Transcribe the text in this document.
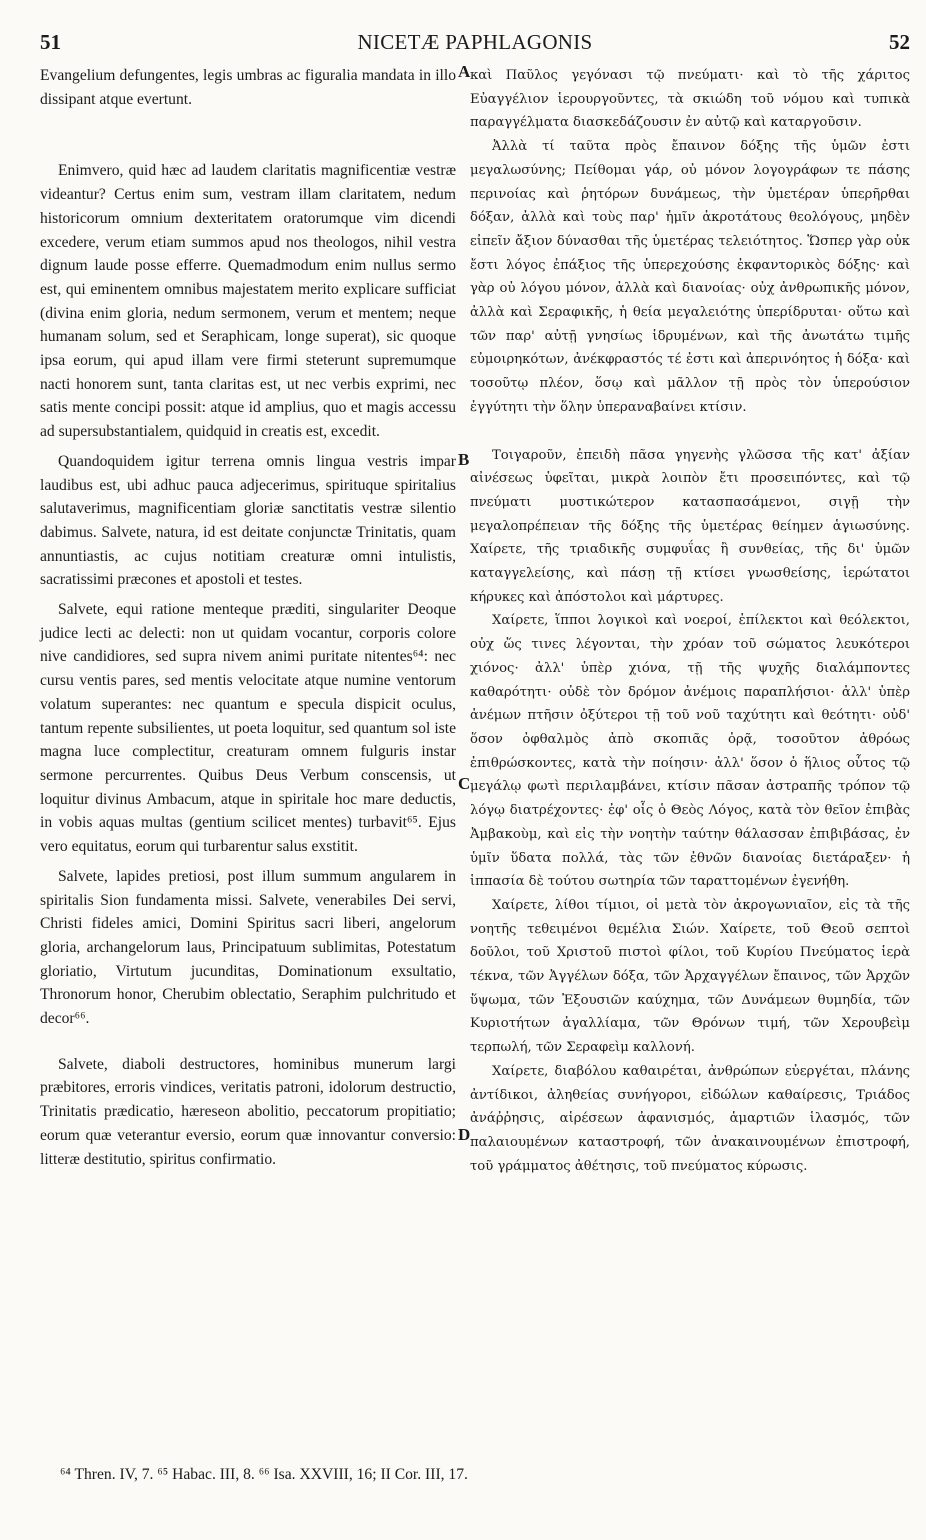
51	NICETÆ PAPHLAGONIS	52

Evangelium defungentes, legis umbras ac figuralia mandata in illo dissipant atque evertunt.

Enimvero, quid hæc ad laudem claritatis magnificentiæ vestræ videantur? Certus enim sum, vestram illam claritatem, nedum historicorum omnium dexteritatem oratorumque vim dicendi excedere, verum etiam summos apud nos theologos, nihil vestra dignum laude posse efferre. Quemadmodum enim nullus sermo est, qui eminentem omnibus majestatem merito explicare sufficiat (divina enim gloria, nedum sermonem, verum et mentem; neque humanam solum, sed et Seraphicam, longe superat), sic quoque ipsa eorum, qui apud illam vere firmi steterunt supremumque nacti honorem sunt, tanta claritas est, ut nec verbis exprimi, nec satis mente concipi possit: atque id amplius, quo et magis accessu ad supersubstantialem, quidquid in creatis est, excedit.

Quandoquidem igitur terrena omnis lingua vestris impar laudibus est, ubi adhuc pauca adjecerimus, spirituque spiritalius salutaverimus, magnificentiam gloriæ sanctitatis vestræ silentio dabimus. Salvete, natura, id est deitate conjunctæ Trinitatis, quam annuntiastis, ac cujus notitiam creaturæ omni intulistis, sacratissimi præcones et apostoli et testes.

Salvete, equi ratione menteque præditi, singulariter Deoque judice lecti ac delecti: non ut quidam vocantur, corporis colore nive candidiores, sed supra nivem animi puritate nitentes⁶⁴: nec cursu ventis pares, sed mentis velocitate atque numine ventorum volatum superantes: nec quantum e specula dispicit oculus, tantum repente subsilientes, ut poeta loquitur, sed quantum sol iste magna luce complectitur, creaturam omnem fulguris instar sermone percurrentes. Quibus Deus Verbum conscensis, ut loquitur divinus Ambacum, atque in spiritale hoc mare deductis, in vobis aquas multas (gentium scilicet mentes) turbavit⁶⁵. Ejus vero equitatus, eorum qui turbarentur salus exstitit.

Salvete, lapides pretiosi, post illum summum angularem in spiritalis Sion fundamenta missi. Salvete, venerabiles Dei servi, Christi fideles amici, Domini Spiritus sacri liberi, angelorum gloria, archangelorum laus, Principatuum sublimitas, Potestatum gloriatio, Virtutum jucunditas, Dominationum exsultatio, Thronorum honor, Cherubim oblectatio, Seraphim pulchritudo et decor⁶⁶.

Salvete, diaboli destructores, hominibus munerum largi præbitores, erroris vindices, veritatis patroni, idolorum destructio, Trinitatis prædicatio, hæreseon abolitio, peccatorum propitiatio; eorum quæ veterantur eversio, eorum quæ innovantur conversio: litteræ destitutio, spiritus confirmatio.

A
B
C
D

καὶ Παῦλος γεγόνασι τῷ πνεύματι· καὶ τὸ τῆς χάριτος Εὐαγγέλιον ἱερουργοῦντες, τὰ σκιώδη τοῦ νόμου καὶ τυπικὰ παραγγέλματα διασκεδάζουσιν ἐν αὐτῷ καὶ καταργοῦσιν.

Ἀλλὰ τί ταῦτα πρὸς ἔπαινον δόξης τῆς ὑμῶν ἐστι μεγαλωσύνης; Πείθομαι γάρ, οὐ μόνον λογογράφων τε πάσης περινοίας καὶ ῥητόρων δυνάμεως, τὴν ὑμετέραν ὑπερῆρθαι δόξαν, ἀλλὰ καὶ τοὺς παρ' ἡμῖν ἀκροτάτους θεολόγους, μηδὲν εἰπεῖν ἄξιον δύνασθαι τῆς ὑμετέρας τελειότητος. Ὥσπερ γὰρ οὐκ ἔστι λόγος ἐπάξιος τῆς ὑπερεχούσης ἐκφαντορικὸς δόξης· καὶ γὰρ οὐ λόγου μόνον, ἀλλὰ καὶ διανοίας· οὐχ ἀνθρωπικῆς μόνον, ἀλλὰ καὶ Σεραφικῆς, ἡ θεία μεγαλειότης ὑπερίδρυται· οὕτω καὶ τῶν παρ' αὐτῇ γνησίως ἱδρυμένων, καὶ τῆς ἀνωτάτω τιμῆς εὐμοιρηκότων, ἀνέκφραστός τέ ἐστι καὶ ἀπερινόητος ἡ δόξα· καὶ τοσοῦτῳ πλέον, ὅσῳ καὶ μᾶλλον τῇ πρὸς τὸν ὑπερούσιον ἐγγύτητι τὴν ὅλην ὑπεραναβαίνει κτίσιν.

Τοιγαροῦν, ἐπειδὴ πᾶσα γηγενὴς γλῶσσα τῆς κατ' ἀξίαν αἰνέσεως ὑφεῖται, μικρὰ λοιπὸν ἔτι προσειπόντες, καὶ τῷ πνεύματι μυστικώτερον κατασπασάμενοι, σιγῇ τὴν μεγαλοπρέπειαν τῆς δόξης τῆς ὑμετέρας θείημεν ἁγιωσύνης. Χαίρετε, τῆς τριαδικῆς συμφυΐας ἢ συνθείας, τῆς δι' ὑμῶν καταγγελείσης, καὶ πάσῃ τῇ κτίσει γνωσθείσης, ἱερώτατοι κήρυκες καὶ ἀπόστολοι καὶ μάρτυρες.

Χαίρετε, ἵπποι λογικοὶ καὶ νοεροί, ἐπίλεκτοι καὶ θεόλεκτοι, οὐχ ὥς τινες λέγονται, τὴν χρόαν τοῦ σώματος λευκότεροι χιόνος· ἀλλ' ὑπὲρ χιόνα, τῇ τῆς ψυχῆς διαλάμποντες καθαρότητι· οὐδὲ τὸν δρόμον ἀνέμοις παραπλήσιοι· ἀλλ' ὑπὲρ ἀνέμων πτῆσιν ὀξύτεροι τῇ τοῦ νοῦ ταχύτητι καὶ θεότητι· οὐδ' ὅσον ὀφθαλμὸς ἀπὸ σκοπιᾶς ὁρᾷ, τοσοῦτον ἀθρόως ἐπιθρώσκοντες, κατὰ τὴν ποίησιν· ἀλλ' ὅσον ὁ ἥλιος οὗτος τῷ μεγάλῳ φωτὶ περιλαμβάνει, κτίσιν πᾶσαν ἀστραπῆς τρόπον τῷ λόγῳ διατρέχοντες· ἐφ' οἷς ὁ Θεὸς Λόγος, κατὰ τὸν θεῖον ἐπιβὰς Ἀμβακοὺμ, καὶ εἰς τὴν νοητὴν ταύτην θάλασσαν ἐπιβιβάσας, ἐν ὑμῖν ὕδατα πολλά, τὰς τῶν ἐθνῶν διανοίας διετάραξεν· ἡ ἱππασία δὲ τούτου σωτηρία τῶν ταραττομένων ἐγενήθη.

Χαίρετε, λίθοι τίμιοι, οἱ μετὰ τὸν ἀκρογωνιαῖον, εἰς τὰ τῆς νοητῆς τεθειμένοι θεμέλια Σιών. Χαίρετε, τοῦ Θεοῦ σεπτοὶ δοῦλοι, τοῦ Χριστοῦ πιστοὶ φίλοι, τοῦ Κυρίου Πνεύματος ἱερὰ τέκνα, τῶν Ἀγγέλων δόξα, τῶν Ἀρχαγγέλων ἔπαινος, τῶν Ἀρχῶν ὕψωμα, τῶν Ἐξουσιῶν καύχημα, τῶν Δυνάμεων θυμηδία, τῶν Κυριοτήτων ἀγαλλίαμα, τῶν Θρόνων τιμή, τῶν Χερουβεὶμ τερπωλή, τῶν Σεραφεὶμ καλλονή.

Χαίρετε, διαβόλου καθαιρέται, ἀνθρώπων εὐεργέται, πλάνης ἀντίδικοι, ἀληθείας συνήγοροι, εἰδώλων καθαίρεσις, Τριάδος ἀνάῤῥησις, αἱρέσεων ἀφανισμός, ἁμαρτιῶν ἱλασμός, τῶν παλαιουμένων καταστροφή, τῶν ἀνακαινουμένων ἐπιστροφή, τοῦ γράμματος ἀθέτησις, τοῦ πνεύματος κύρωσις.

⁶⁴ Thren. IV, 7. ⁶⁵ Habac. III, 8. ⁶⁶ Isa. XXVIII, 16; II Cor. III, 17.
